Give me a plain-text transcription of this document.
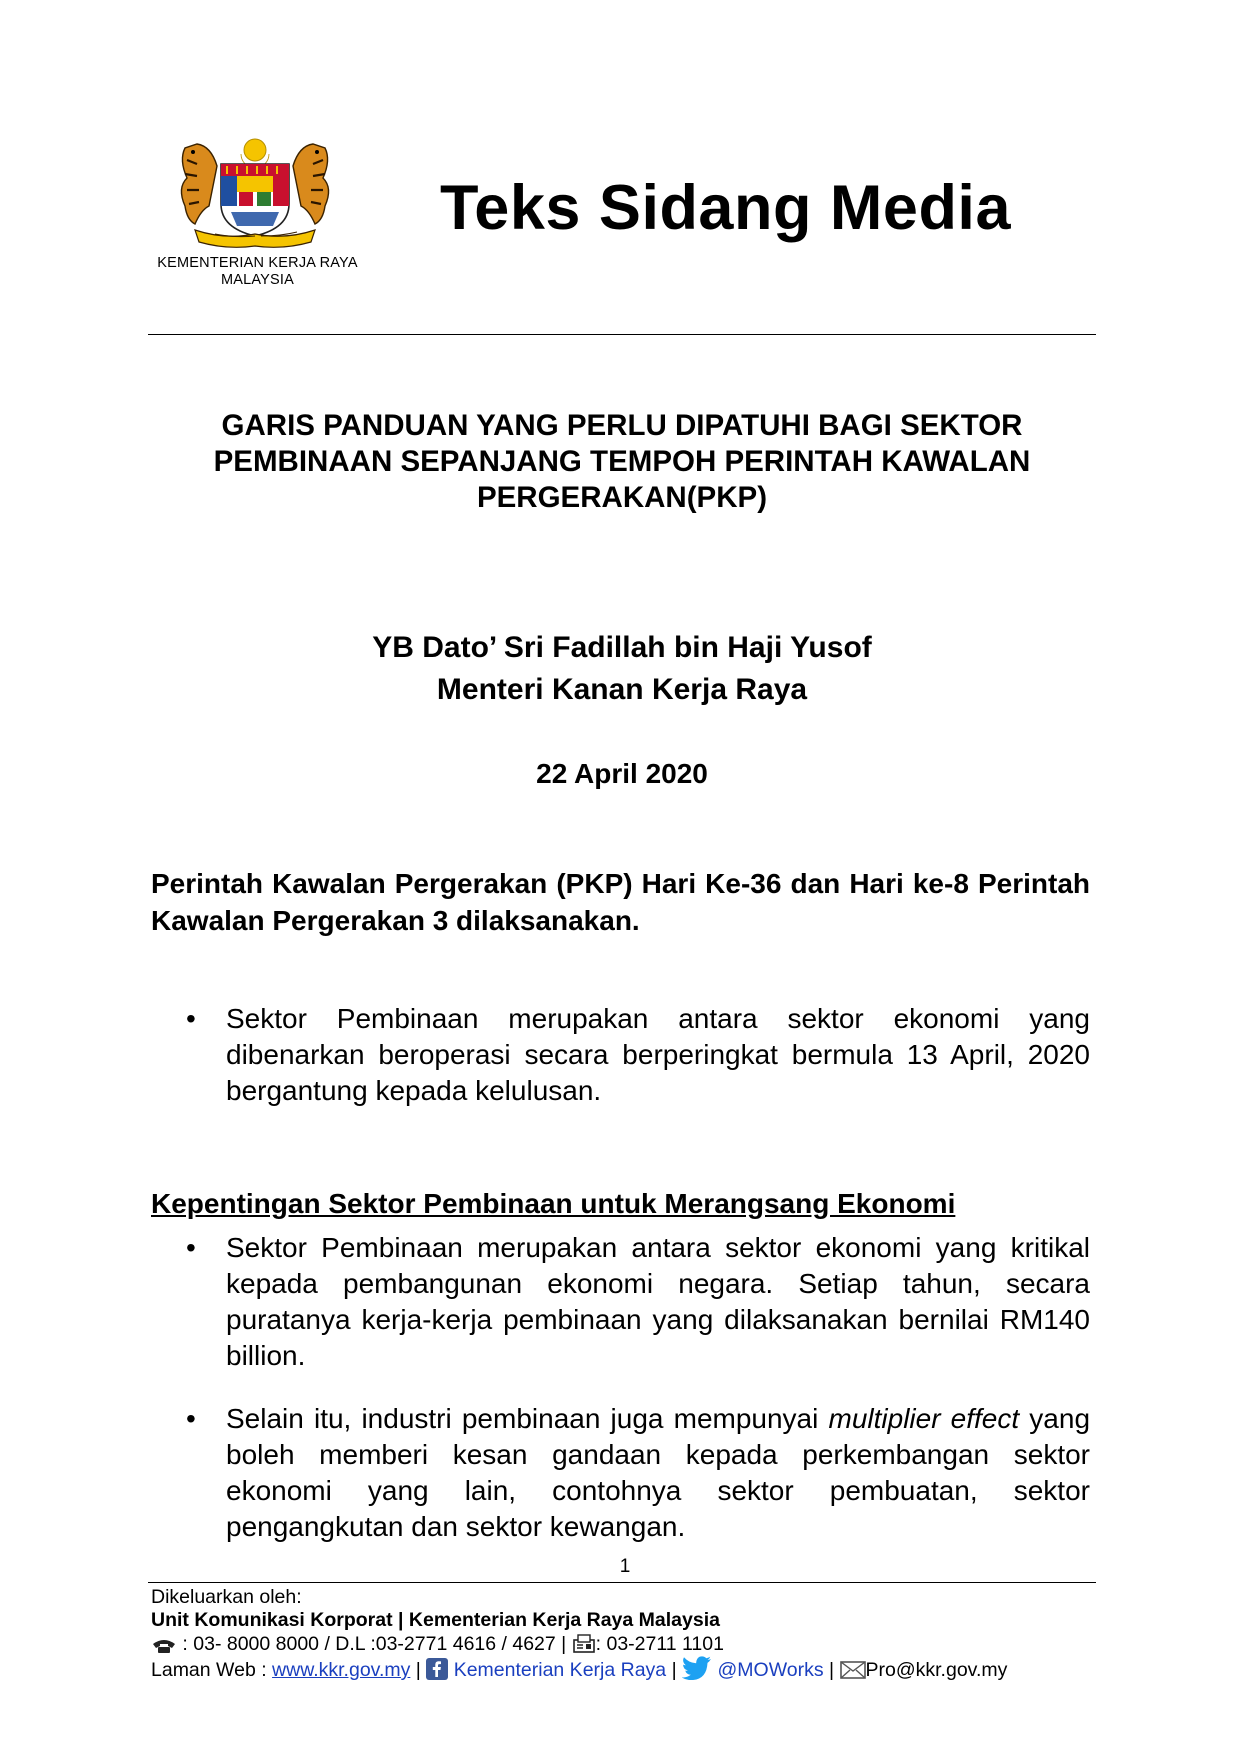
KEMENTERIAN KERJA RAYA
MALAYSIA
Teks Sidang Media
GARIS PANDUAN YANG PERLU DIPATUHI BAGI SEKTOR
PEMBINAAN SEPANJANG TEMPOH PERINTAH KAWALAN
PERGERAKAN(PKP)
YB Dato’ Sri Fadillah bin Haji Yusof
Menteri Kanan Kerja Raya
22 April 2020
Perintah Kawalan Pergerakan (PKP) Hari Ke-36 dan Hari ke-8 Perintah Kawalan Pergerakan 3 dilaksanakan.
•	Sektor Pembinaan merupakan antara sektor ekonomi yang dibenarkan beroperasi secara berperingkat bermula 13 April, 2020 bergantung kepada kelulusan.
Kepentingan Sektor Pembinaan untuk Merangsang Ekonomi
•	Sektor Pembinaan merupakan antara sektor ekonomi yang kritikal kepada pembangunan ekonomi negara. Setiap tahun, secara puratanya kerja-kerja pembinaan yang dilaksanakan bernilai RM140 billion.
•	Selain itu, industri pembinaan juga mempunyai multiplier effect yang boleh memberi kesan gandaan kepada perkembangan sektor ekonomi yang lain, contohnya sektor pembuatan, sektor pengangkutan dan sektor kewangan.
1
Dikeluarkan oleh:
Unit Komunikasi Korporat | Kementerian Kerja Raya Malaysia
: 03- 8000 8000 / D.L :03-2771 4616 / 4627 | : 03-2711 1101
Laman Web : www.kkr.gov.my |  Kementerian Kerja Raya |  @MOWorks | Pro@kkr.gov.my
